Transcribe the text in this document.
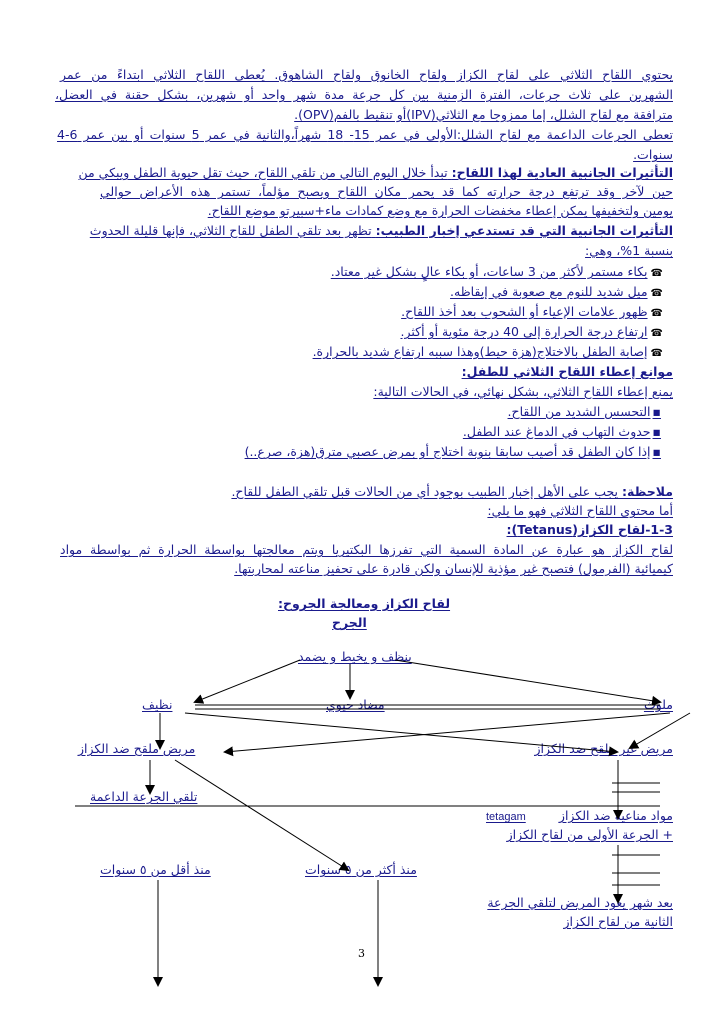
يحتوي اللقاح الثلاثي على لقاح الكزاز ولقاح الخانوق ولقاح الشاهوق. يُعطى اللقاح الثلاثي ابتداءً من عمر
الشهرين على ثلاث جرعات، الفترة الزمنية بين كل جرعة مدة شهر واحد أو شهرين، بشكل حقنة في العضل،
مترافقة مع لقاح الشلل، إما ممزوجا مع الثلاثي(IPV)أو تنقيط بالفم(OPV).
تعطى الجرعات الداعمة مع لقاح الشلل:الأولى في عمر 15- 18 شهراً،والثانية في عمر 5 سنوات أو بين عمر 6-4
سنوات.
التأثيرات الجانبية العادية لهذا اللقاح: تبدأ خلال اليوم التالي من تلقي اللقاح، حيث تقل حيوية الطفل ويبكي من
حين لآخر وقد ترتفع درجة حرارته كما قد يحمر مكان اللقاح ويصبح مؤلماً، تستمر هذه الأعراض حوالي
يومين ولتخفيفها يمكن إعطاء مخفضات الحرارة مع وضع كمادات ماء+سبيرتو موضع اللقاح.
التأثيرات الجانبية التي قد تستدعي إخبار الطبيب: تظهر بعد تلقي الطفل للقاح الثلاثي، فإنها قليلة الحدوث
بنسبة 1%، وهي:
☎ بكاء مستمر لأكثر من 3 ساعات، أو بكاء عالٍ بشكل غير معتاد.
☎ ميل شديد للنوم مع صعوبة في إيقاظه.
☎ ظهور علامات الإعياء أو الشحوب بعد أخذ اللقاح.
☎ ارتفاع درجة الحرارة إلى 40 درجة مئوية أو أكثر.
☎ إصابة الطفل بالاختلاج(هزة حيط)وهذا سببه ارتفاع شديد بالحرارة.
موانع إعطاء اللقاح الثلاثي للطفل:
يمنع إعطاء اللقاح الثلاثي، بشكل نهائي، في الحالات التالية:
▪ التحسس الشديد من اللقاح.
▪ حدوث التهاب في الدماغ عند الطفل.
▪ إذا كان الطفل قد أصيب سابقا بنوبة اختلاج أو بمرض عصبي مترق(هزة، صرع..)
ملاحظة: يجب على الأهل إخبار الطبيب بوجود أي من الحالات قبل تلقي الطفل للقاح.
أما محتوى اللقاح الثلاثي فهو ما يلي:
1-3-لقاح الكزاز(Tetanus):
لقاح الكزاز هو عبارة عن المادة السمية التي تفرزها البكتيريا ويتم معالجتها بواسطة الحرارة ثم بواسطة مواد
كيميائية (الفرمول) فتصبح غير مؤذية للإنسان ولكن قادرة على تحفيز مناعته لمحاربتها.
لقاح الكزاز ومعالجة الجروح:
الجرح
ينظف و يخيط و يضمد
نظيف	مضاد حيوي	ملوث
مريض ملقح ضد الكزاز	مريض غير ملقح ضد الكزاز
تلقي الجرعة الداعمة
مواد مناعية ضد الكزاز
tetagam
+ الجرعة الأولى من لقاح الكزاز
منذ أقل من ٥ سنوات	منذ أكثر من ٥ سنوات
بعد شهر يعود المريض لتلقي الجرعة
الثانية من لقاح الكزاز
3
